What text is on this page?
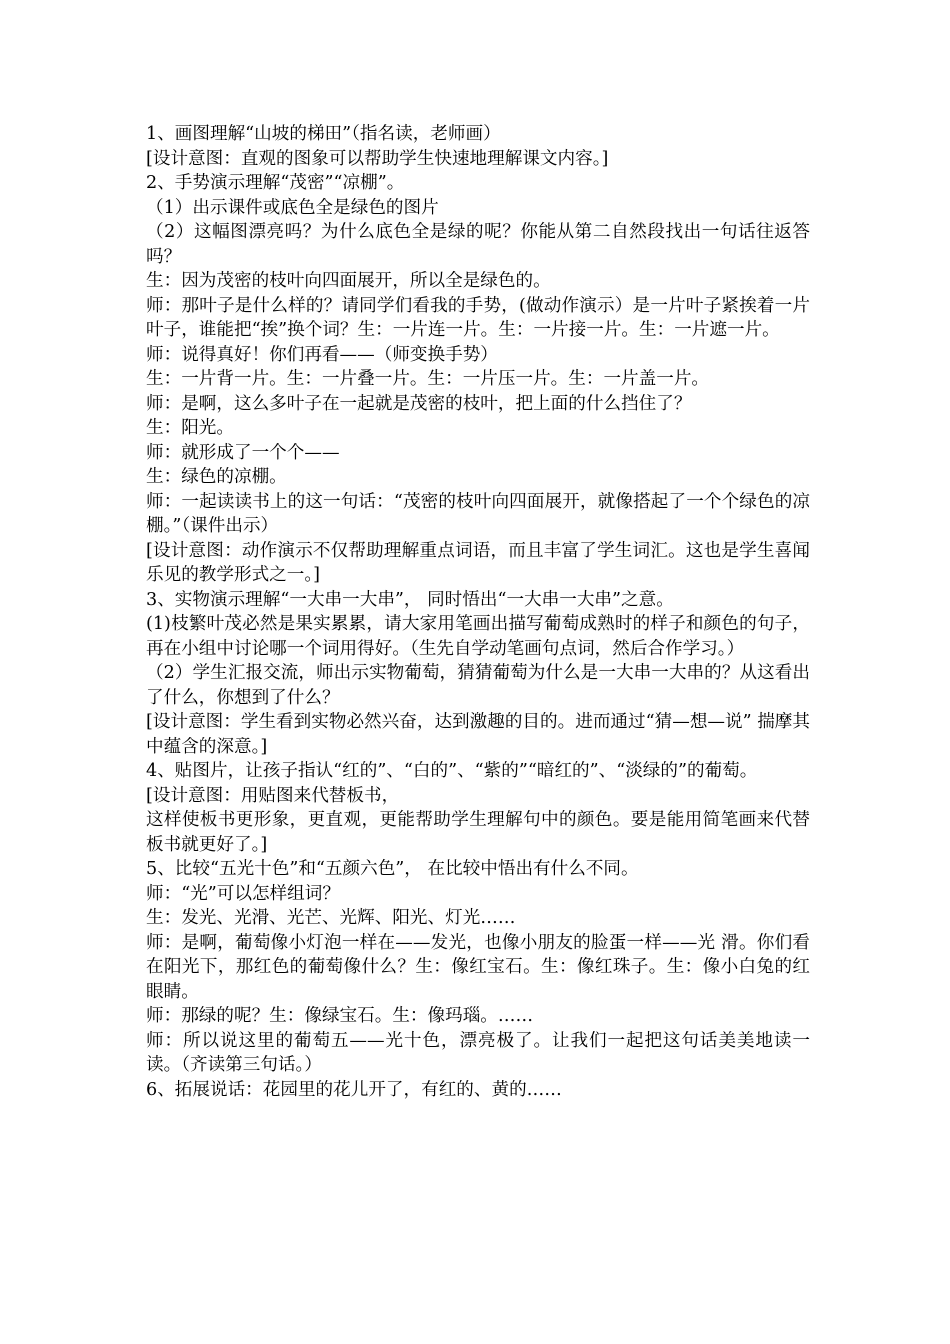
1、画图理解“山坡的梯田”（指名读，老师画）

[设计意图：直观的图象可以帮助学生快速地理解课文内容。]

2、手势演示理解“茂密”“凉棚”。

（1）出示课件或底色全是绿色的图片

（2）这幅图漂亮吗？为什么底色全是绿的呢？你能从第二自然段找出一句话往返答吗？

生：因为茂密的枝叶向四面展开，所以全是绿色的。

师：那叶子是什么样的？请同学们看我的手势，(做动作演示）是一片叶子紧挨着一片叶子，谁能把“挨”换个词？生：一片连一片。生：一片接一片。生：一片遮一片。

师：说得真好！你们再看——（师变换手势）

生：一片背一片。生：一片叠一片。生：一片压一片。生：一片盖一片。

师：是啊，这么多叶子在一起就是茂密的枝叶，把上面的什么挡住了？

生：阳光。

师：就形成了一个个——

生：绿色的凉棚。

师：一起读读书上的这一句话：“茂密的枝叶向四面展开，就像搭起了一个个绿色的凉棚。”（课件出示）

[设计意图：动作演示不仅帮助理解重点词语，而且丰富了学生词汇。这也是学生喜闻乐见的教学形式之一。]

3、实物演示理解“一大串一大串”， 同时悟出“一大串一大串”之意。

(1)枝繁叶茂必然是果实累累，请大家用笔画出描写葡萄成熟时的样子和颜色的句子，再在小组中讨论哪一个词用得好。（生先自学动笔画句点词，然后合作学习。）

（2）学生汇报交流，师出示实物葡萄，猜猜葡萄为什么是一大串一大串的？从这看出了什么，你想到了什么？

[设计意图：学生看到实物必然兴奋，达到激趣的目的。进而通过“猜—想—说” 揣摩其中蕴含的深意。]

4、贴图片，让孩子指认“红的”、“白的”、“紫的”“暗红的”、“淡绿的”的葡萄。

[设计意图：用贴图来代替板书，

这样使板书更形象，更直观，更能帮助学生理解句中的颜色。要是能用简笔画来代替板书就更好了。]

5、比较“五光十色”和“五颜六色”， 在比较中悟出有什么不同。

师：“光”可以怎样组词？

生：发光、光滑、光芒、光辉、阳光、灯光……

师：是啊，葡萄像小灯泡一样在——发光，也像小朋友的脸蛋一样——光 滑。你们看在阳光下，那红色的葡萄像什么？生：像红宝石。生：像红珠子。生：像小白兔的红眼睛。

师：那绿的呢？生：像绿宝石。生：像玛瑙。……

师：所以说这里的葡萄五——光十色，漂亮极了。让我们一起把这句话美美地读一读。（齐读第三句话。）

6、拓展说话：花园里的花儿开了，有红的、黄的……
